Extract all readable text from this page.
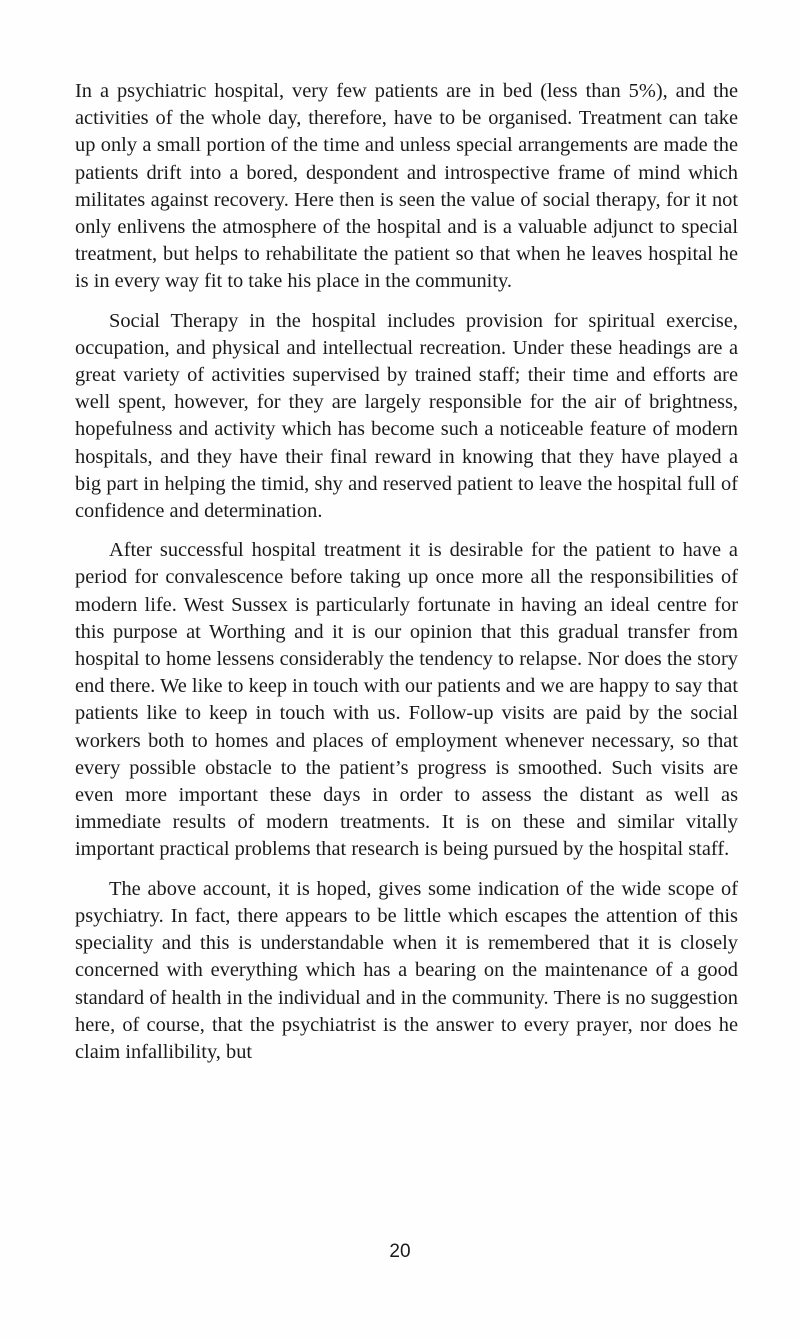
In a psychiatric hospital, very few patients are in bed (less than 5%), and the activities of the whole day, therefore, have to be organised. Treatment can take up only a small portion of the time and unless special arrangements are made the patients drift into a bored, despondent and introspective frame of mind which militates against recovery. Here then is seen the value of social therapy, for it not only enlivens the atmosphere of the hospital and is a valuable adjunct to special treatment, but helps to rehabilitate the patient so that when he leaves hospital he is in every way fit to take his place in the community.

Social Therapy in the hospital includes provision for spiritual exercise, occupation, and physical and intellectual recreation. Under these headings are a great variety of activities supervised by trained staff; their time and efforts are well spent, however, for they are largely responsible for the air of brightness, hopefulness and activity which has become such a noticeable feature of modern hospitals, and they have their final reward in knowing that they have played a big part in helping the timid, shy and reserved patient to leave the hospital full of confidence and determination.

After successful hospital treatment it is desirable for the patient to have a period for convalescence before taking up once more all the responsibilities of modern life. West Sussex is particularly fortunate in having an ideal centre for this purpose at Worthing and it is our opinion that this gradual transfer from hospital to home lessens considerably the tendency to relapse. Nor does the story end there. We like to keep in touch with our patients and we are happy to say that patients like to keep in touch with us. Follow-up visits are paid by the social workers both to homes and places of employment whenever necessary, so that every possible obstacle to the patient’s progress is smoothed. Such visits are even more important these days in order to assess the distant as well as immediate results of modern treatments. It is on these and similar vitally important practical problems that research is being pursued by the hospital staff.

The above account, it is hoped, gives some indication of the wide scope of psychiatry. In fact, there appears to be little which escapes the attention of this speciality and this is understandable when it is remembered that it is closely concerned with everything which has a bearing on the maintenance of a good standard of health in the individual and in the community. There is no suggestion here, of course, that the psychiatrist is the answer to every prayer, nor does he claim infallibility, but

20
